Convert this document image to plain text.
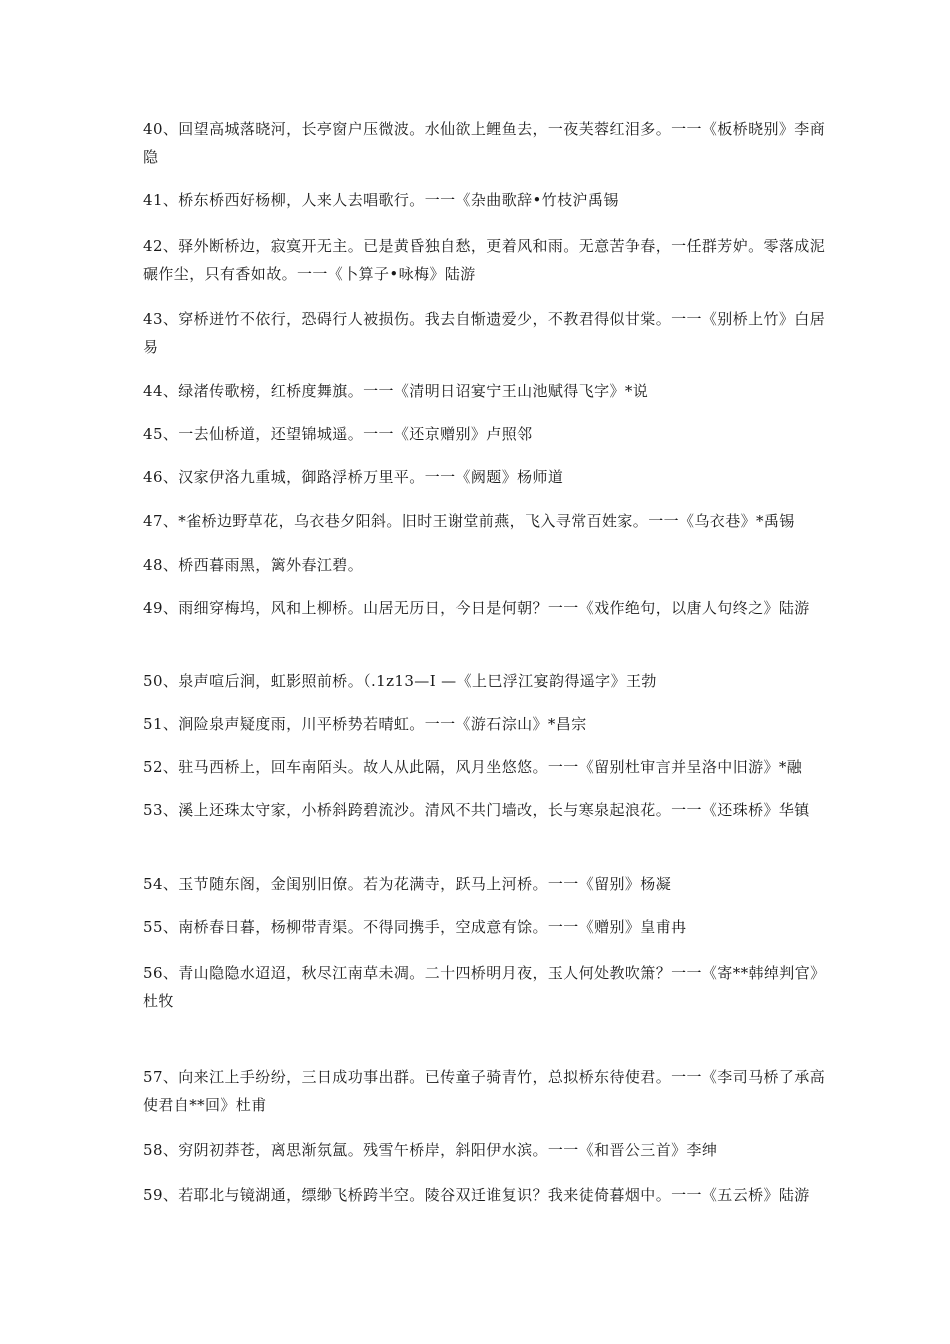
40、回望高城落晓河，长亭窗户压微波。水仙欲上鲤鱼去，一夜芙蓉红泪多。一一《板桥晓别》李商隐

41、桥东桥西好杨柳，人来人去唱歌行。一一《杂曲歌辞•竹枝沪禹锡

42、驿外断桥边，寂寞开无主。已是黄昏独自愁，更着风和雨。无意苦争春，一任群芳妒。零落成泥碾作尘，只有香如故。一一《卜算子•咏梅》陆游

43、穿桥迸竹不依行，恐碍行人被损伤。我去自惭遗爱少，不教君得似甘棠。一一《别桥上竹》白居易

44、绿渚传歌榜，红桥度舞旗。一一《清明日诏宴宁王山池赋得飞字》*说

45、一去仙桥道，还望锦城遥。一一《还京赠别》卢照邻

46、汉家伊洛九重城，御路浮桥万里平。一一《阙题》杨师道

47、*雀桥边野草花，乌衣巷夕阳斜。旧时王谢堂前燕，飞入寻常百姓家。一一《乌衣巷》*禹锡

48、桥西暮雨黑，篱外春江碧。

49、雨细穿梅坞，风和上柳桥。山居无历日，今日是何朝？一一《戏作绝句，以唐人句终之》陆游

50、泉声喧后涧，虹影照前桥。（.1z13—I —《上巳浮江宴韵得遥字》王勃

51、涧险泉声疑度雨，川平桥势若晴虹。一一《游石淙山》*昌宗

52、驻马西桥上，回车南陌头。故人从此隔，风月坐悠悠。一一《留别杜审言并呈洛中旧游》*融

53、溪上还珠太守家，小桥斜跨碧流沙。清风不共门墙改，长与寒泉起浪花。一一《还珠桥》华镇

54、玉节随东阁，金闺别旧僚。若为花满寺，跃马上河桥。一一《留别》杨凝

55、南桥春日暮，杨柳带青渠。不得同携手，空成意有馀。一一《赠别》皇甫冉

56、青山隐隐水迢迢，秋尽江南草未凋。二十四桥明月夜，玉人何处教吹箫？一一《寄**韩绰判官》杜牧

57、向来江上手纷纷，三日成功事出群。已传童子骑青竹，总拟桥东待使君。一一《李司马桥了承高使君自**回》杜甫

58、穷阴初莽苍，离思渐氛氲。残雪午桥岸，斜阳伊水滨。一一《和晋公三首》李绅

59、若耶北与镜湖通，缥缈飞桥跨半空。陵谷双迁谁复识？我来徒倚暮烟中。一一《五云桥》陆游
